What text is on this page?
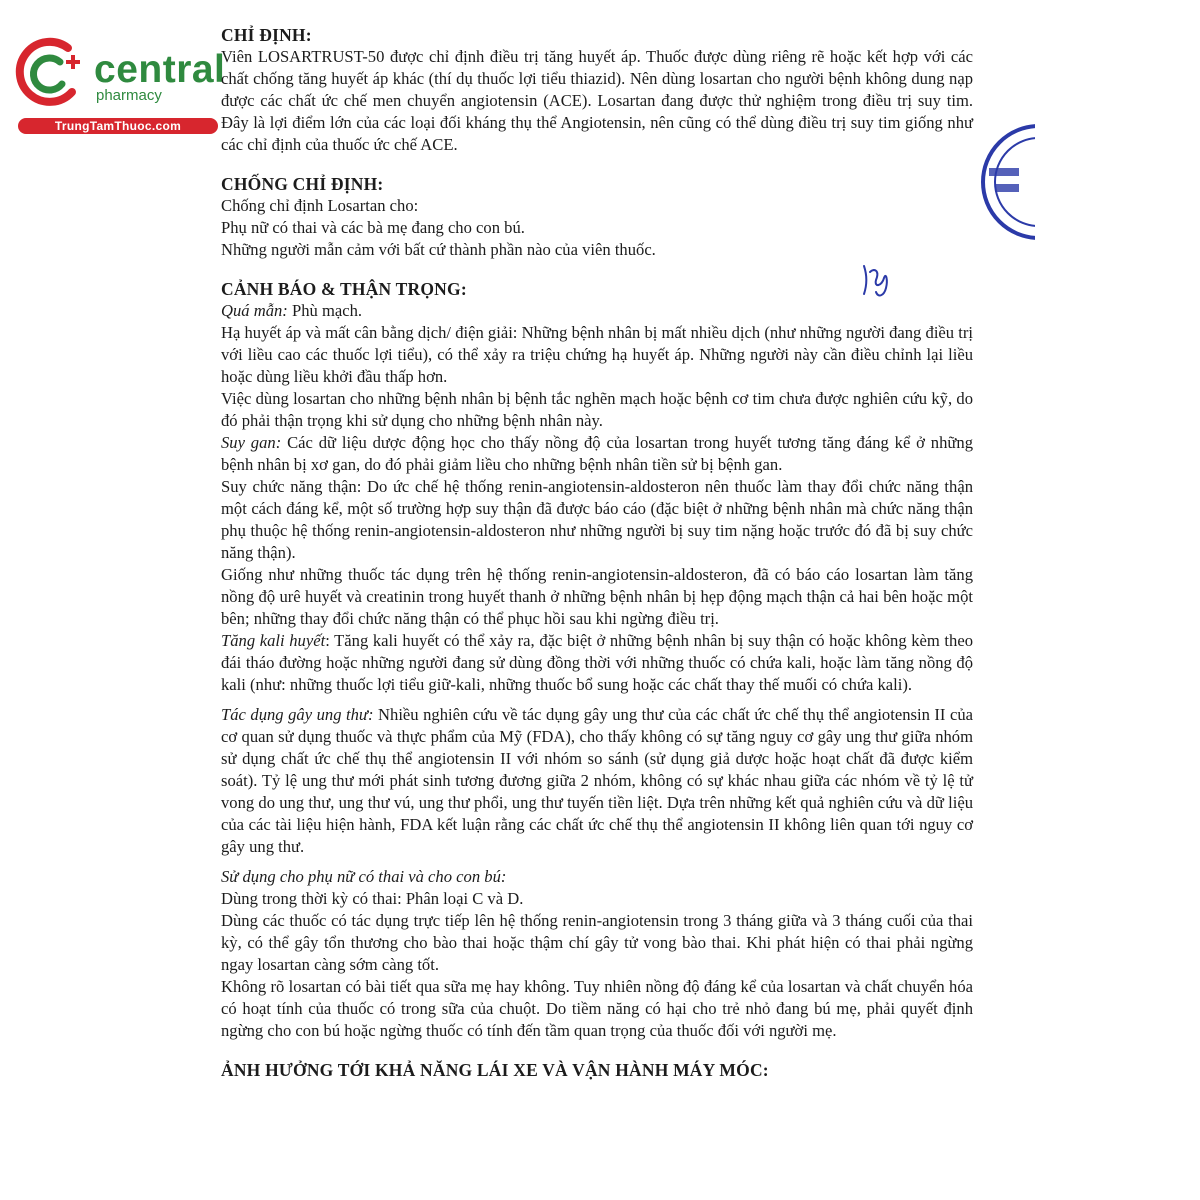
central
pharmacy
TrungTamThuoc.com
CHỈ ĐỊNH:
Viên LOSARTRUST-50 được chỉ định điều trị tăng huyết áp. Thuốc được dùng riêng rẽ hoặc kết hợp với các chất chống tăng huyết áp khác (thí dụ thuốc lợi tiểu thiazid). Nên dùng losartan cho người bệnh không dung nạp được các chất ức chế men chuyển angiotensin (ACE). Losartan đang được thử nghiệm trong điều trị suy tim. Đây là lợi điểm lớn của các loại đối kháng thụ thể Angiotensin, nên cũng có thể dùng điều trị suy tim giống như các chỉ định của thuốc ức chế ACE.
CHỐNG CHỈ ĐỊNH:
Chống chỉ định Losartan cho:
Phụ nữ có thai và các bà mẹ đang cho con bú.
Những người mẫn cảm với bất cứ thành phần nào của viên thuốc.
CẢNH BÁO & THẬN TRỌNG:
Quá mẫn: Phù mạch.
Hạ huyết áp và mất cân bằng dịch/ điện giải: Những bệnh nhân bị mất nhiều dịch (như những người đang điều trị với liều cao các thuốc lợi tiểu), có thể xảy ra triệu chứng hạ huyết áp. Những người này cần điều chỉnh lại liều hoặc dùng liều khởi đầu thấp hơn.
Việc dùng losartan cho những bệnh nhân bị bệnh tắc nghẽn mạch hoặc bệnh cơ tim chưa được nghiên cứu kỹ, do đó phải thận trọng khi sử dụng cho những bệnh nhân này.
Suy gan: Các dữ liệu dược động học cho thấy nồng độ của losartan trong huyết tương tăng đáng kể ở những bệnh nhân bị xơ gan, do đó phải giảm liều cho những bệnh nhân tiền sử bị bệnh gan.
Suy chức năng thận: Do ức chế hệ thống renin-angiotensin-aldosteron nên thuốc làm thay đổi chức năng thận một cách đáng kể, một số trường hợp suy thận đã được báo cáo (đặc biệt ở những bệnh nhân mà chức năng thận phụ thuộc hệ thống renin-angiotensin-aldosteron như những người bị suy tim nặng hoặc trước đó đã bị suy chức năng thận).
Giống như những thuốc tác dụng trên hệ thống renin-angiotensin-aldosteron, đã có báo cáo losartan làm tăng nồng độ urê huyết và creatinin trong huyết thanh ở những bệnh nhân bị hẹp động mạch thận cả hai bên hoặc một bên; những thay đổi chức năng thận có thể phục hồi sau khi ngừng điều trị.
Tăng kali huyết: Tăng kali huyết có thể xảy ra, đặc biệt ở những bệnh nhân bị suy thận có hoặc không kèm theo đái tháo đường hoặc những người đang sử dùng đồng thời với những thuốc có chứa kali, hoặc làm tăng nồng độ kali (như: những thuốc lợi tiểu giữ-kali, những thuốc bổ sung hoặc các chất thay thế muối có chứa kali).
Tác dụng gây ung thư: Nhiều nghiên cứu về tác dụng gây ung thư của các chất ức chế thụ thể angiotensin II của cơ quan sử dụng thuốc và thực phẩm của Mỹ (FDA), cho thấy không có sự tăng nguy cơ gây ung thư giữa nhóm sử dụng chất ức chế thụ thể angiotensin II với nhóm so sánh (sử dụng giả dược hoặc hoạt chất đã được kiểm soát). Tỷ lệ ung thư mới phát sinh tương đương giữa 2 nhóm, không có sự khác nhau giữa các nhóm về tỷ lệ tử vong do ung thư, ung thư vú, ung thư phổi, ung thư tuyến tiền liệt. Dựa trên những kết quả nghiên cứu và dữ liệu của các tài liệu hiện hành, FDA kết luận rằng các chất ức chế thụ thể angiotensin II không liên quan tới nguy cơ gây ung thư.
Sử dụng cho phụ nữ có thai và cho con bú:
Dùng trong thời kỳ có thai: Phân loại C và D.
Dùng các thuốc có tác dụng trực tiếp lên hệ thống renin-angiotensin trong 3 tháng giữa và 3 tháng cuối của thai kỳ, có thể gây tổn thương cho bào thai hoặc thậm chí gây tử vong bào thai. Khi phát hiện có thai phải ngừng ngay losartan càng sớm càng tốt.
Không rõ losartan có bài tiết qua sữa mẹ hay không. Tuy nhiên nồng độ đáng kể của losartan và chất chuyển hóa có hoạt tính của thuốc có trong sữa của chuột. Do tiềm năng có hại cho trẻ nhỏ đang bú mẹ, phải quyết định ngừng cho con bú hoặc ngừng thuốc có tính đến tầm quan trọng của thuốc đối với người mẹ.
ẢNH HƯỞNG TỚI KHẢ NĂNG LÁI XE VÀ VẬN HÀNH MÁY MÓC:
